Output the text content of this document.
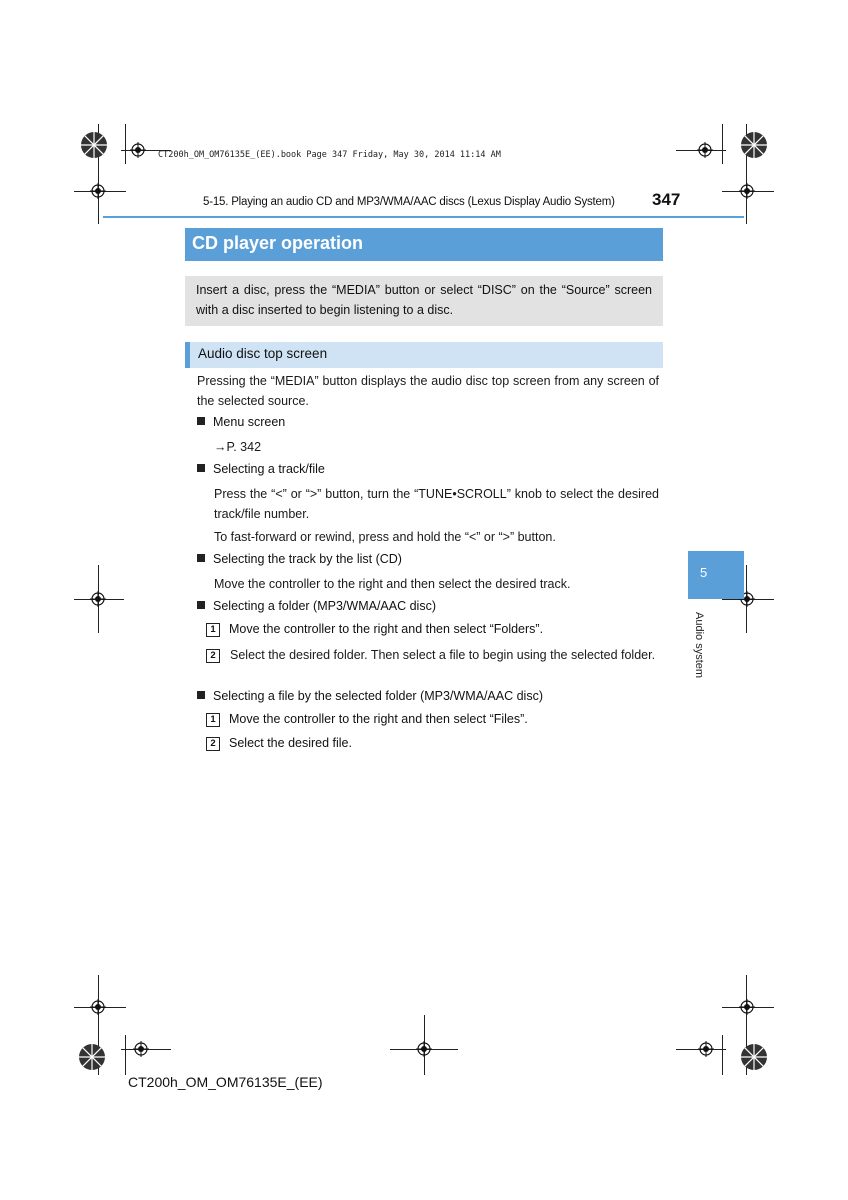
CT200h_OM_OM76135E_(EE).book Page 347 Friday, May 30, 2014 11:14 AM
5-15. Playing an audio CD and MP3/WMA/AAC discs (Lexus Display Audio System) 347
CD player operation
Insert a disc, press the “MEDIA” button or select “DISC” on the “Source” screen with a disc inserted to begin listening to a disc.
Audio disc top screen
Pressing the “MEDIA” button displays the audio disc top screen from any screen of the selected source.
Menu screen
→P. 342
Selecting a track/file
Press the “<” or “>” button, turn the “TUNE•SCROLL” knob to select the desired track/file number.
To fast-forward or rewind, press and hold the “<” or “>” button.
Selecting the track by the list (CD)
Move the controller to the right and then select the desired track.
Selecting a folder (MP3/WMA/AAC disc)
1 Move the controller to the right and then select “Folders”.
2	Select the desired folder. Then select a file to begin using the selected folder.
Selecting a file by the selected folder (MP3/WMA/AAC disc)
1 Move the controller to the right and then select “Files”.
2 Select the desired file.
5
Audio system
CT200h_OM_OM76135E_(EE)
